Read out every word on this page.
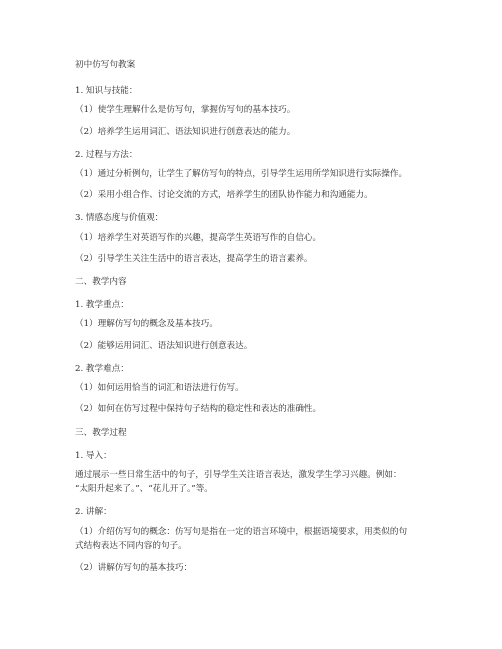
初中仿写句教案
1. 知识与技能：
（1）使学生理解什么是仿写句，掌握仿写句的基本技巧。
（2）培养学生运用词汇、语法知识进行创意表达的能力。
2. 过程与方法：
（1）通过分析例句，让学生了解仿写句的特点，引导学生运用所学知识进行实际操作。
（2）采用小组合作、讨论交流的方式，培养学生的团队协作能力和沟通能力。
3. 情感态度与价值观：
（1）培养学生对英语写作的兴趣，提高学生英语写作的自信心。
（2）引导学生关注生活中的语言表达，提高学生的语言素养。
二、教学内容
1. 教学重点：
（1）理解仿写句的概念及基本技巧。
（2）能够运用词汇、语法知识进行创意表达。
2. 教学难点：
（1）如何运用恰当的词汇和语法进行仿写。
（2）如何在仿写过程中保持句子结构的稳定性和表达的准确性。
三、教学过程
1. 导入：
通过展示一些日常生活中的句子，引导学生关注语言表达，激发学生学习兴趣。例如：
“太阳升起来了。”、“花儿开了。”等。
2. 讲解：
（1）介绍仿写句的概念：仿写句是指在一定的语言环境中，根据语境要求，用类似的句
式结构表达不同内容的句子。
（2）讲解仿写句的基本技巧：
